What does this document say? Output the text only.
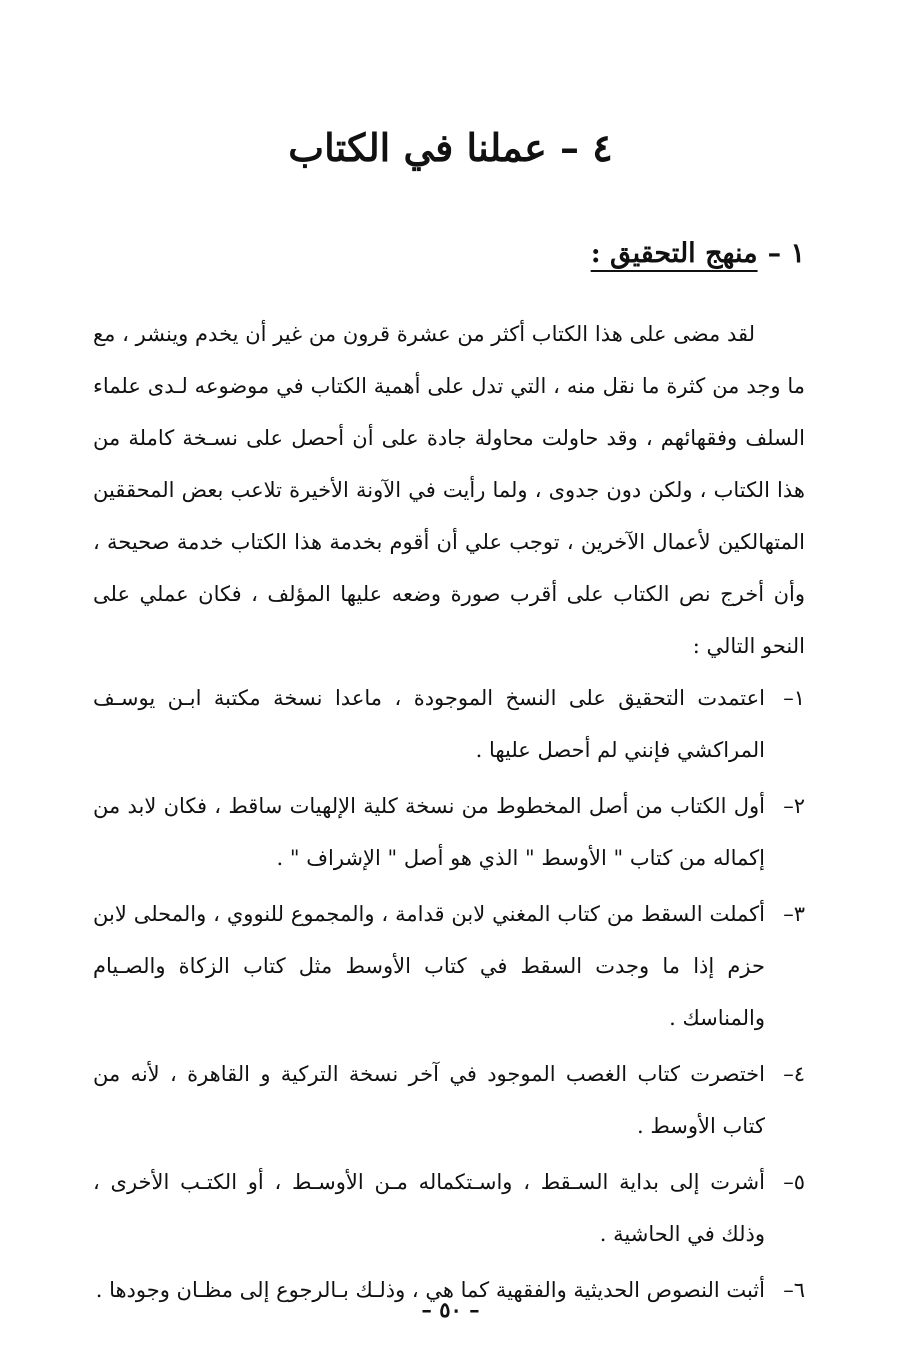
٤ – عملنا في الكتاب
١ –منهج التحقيق :

لقد مضى على هذا الكتاب أكثر من عشرة قرون من غير أن يخدم وينشر ، مع ما وجد من كثرة ما نقل منه ، التي تدل على أهمية الكتاب في موضوعه لـدى علماء السلف وفقهائهم ، وقد حاولت محاولة جادة على أن أحصل على نسـخة كاملة من هذا الكتاب ، ولكن دون جدوى ، ولما رأيت في الآونة الأخيرة تلاعب بعض المحققين المتهالكين لأعمال الآخرين ، توجب علي أن أقوم بخدمة هذا الكتاب خدمة صحيحة ، وأن أخرج نص الكتاب على أقرب صورة وضعه عليها المؤلف ، فكان عملي على النحو التالي :

١–
اعتمدت التحقيق على النسخ الموجودة ، ماعدا نسخة مكتبة ابـن يوسـف المراكشي فإنني لم أحصل عليها .
٢–
أول الكتاب من أصل المخطوط من نسخة كلية الإلهيات ساقط ، فكان لابد من إكماله من كتاب " الأوسط " الذي هو أصل " الإشراف " .
٣–
أكملت السقط من كتاب المغني لابن قدامة ، والمجموع للنووي ، والمحلى لابن حزم إذا ما وجدت السقط في كتاب الأوسط مثل كتاب الزكاة والصـيام والمناسك .
٤–
اختصرت كتاب الغصب الموجود في آخر نسخة التركية و القاهرة ، لأنه من كتاب الأوسط .
٥–
أشرت إلى بداية السـقط ، واسـتكماله مـن الأوسـط ، أو الكتـب الأخرى ، وذلك في الحاشية .
٦–
أثبت النصوص الحديثية والفقهية كما هي ، وذلـك بـالرجوع إلى مظـان وجودها .
– ٥٠ –
